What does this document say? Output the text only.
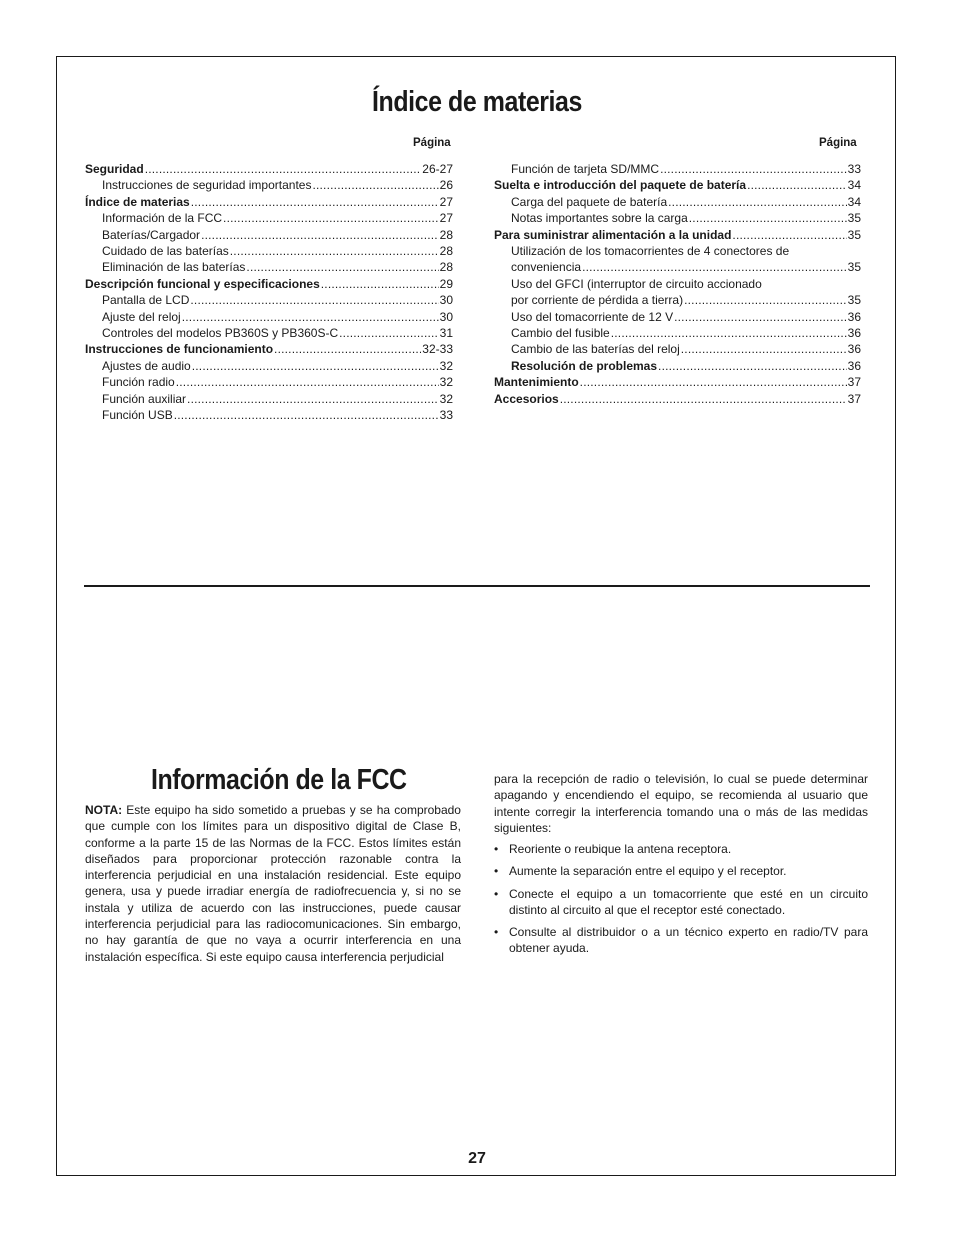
Índice de materias
Página	Página
Seguridad .....	26-27
Instrucciones de seguridad importantes .....	26
Índice de materias .....	27
Información de la FCC .....	27
Baterías/Cargador .....	28
Cuidado de las baterías .....	28
Eliminación de las baterías .....	28
Descripción funcional y especificaciones .....	29
Pantalla de LCD .....	30
Ajuste del reloj .....	30
Controles del modelos PB360S y PB360S-C .....	31
Instrucciones de funcionamiento .....	32-33
Ajustes de audio .....	32
Función radio .....	32
Función auxiliar .....	32
Función USB .....	33
Función de tarjeta SD/MMC .....	33
Suelta e introducción del paquete de batería .....	34
Carga del paquete de batería .....	34
Notas importantes sobre la carga .....	35
Para suministrar alimentación a la unidad .....	35
Utilización de los tomacorrientes de 4 conectores de
conveniencia .....	35
Uso del GFCI (interruptor de circuito accionado
por corriente de pérdida a tierra) .....	35
Uso del tomacorriente de 12 V .....	36
Cambio del fusible .....	36
Cambio de las baterías del reloj .....	36
Resolución de problemas .....	36
Mantenimiento .....	37
Accesorios .....	37
Información de la FCC

NOTA: Este equipo ha sido sometido a pruebas y se ha comprobado que cumple con los límites para un dispositivo digital de Clase B, conforme a la parte 15 de las Normas de la FCC. Estos límites están diseñados para proporcionar protección razonable contra la interferencia perjudicial en una instalación residencial. Este equipo genera, usa y puede irradiar energía de radiofrecuencia y, si no se instala y utiliza de acuerdo con las instrucciones, puede causar interferencia perjudicial para las radiocomunicaciones. Sin embargo, no hay garantía de que no vaya a ocurrir interferencia en una instalación específica. Si este equipo causa interferencia perjudicial

para la recepción de radio o televisión, lo cual se puede determinar apagando y encendiendo el equipo, se recomienda al usuario que intente corregir la interferencia tomando una o más de las medidas siguientes:

• Reoriente o reubique la antena receptora.
• Aumente la separación entre el equipo y el receptor.
• Conecte el equipo a un tomacorriente que esté en un circuito distinto al circuito al que el receptor esté conectado.
• Consulte al distribuidor o a un técnico experto en radio/TV para obtener ayuda.
27
